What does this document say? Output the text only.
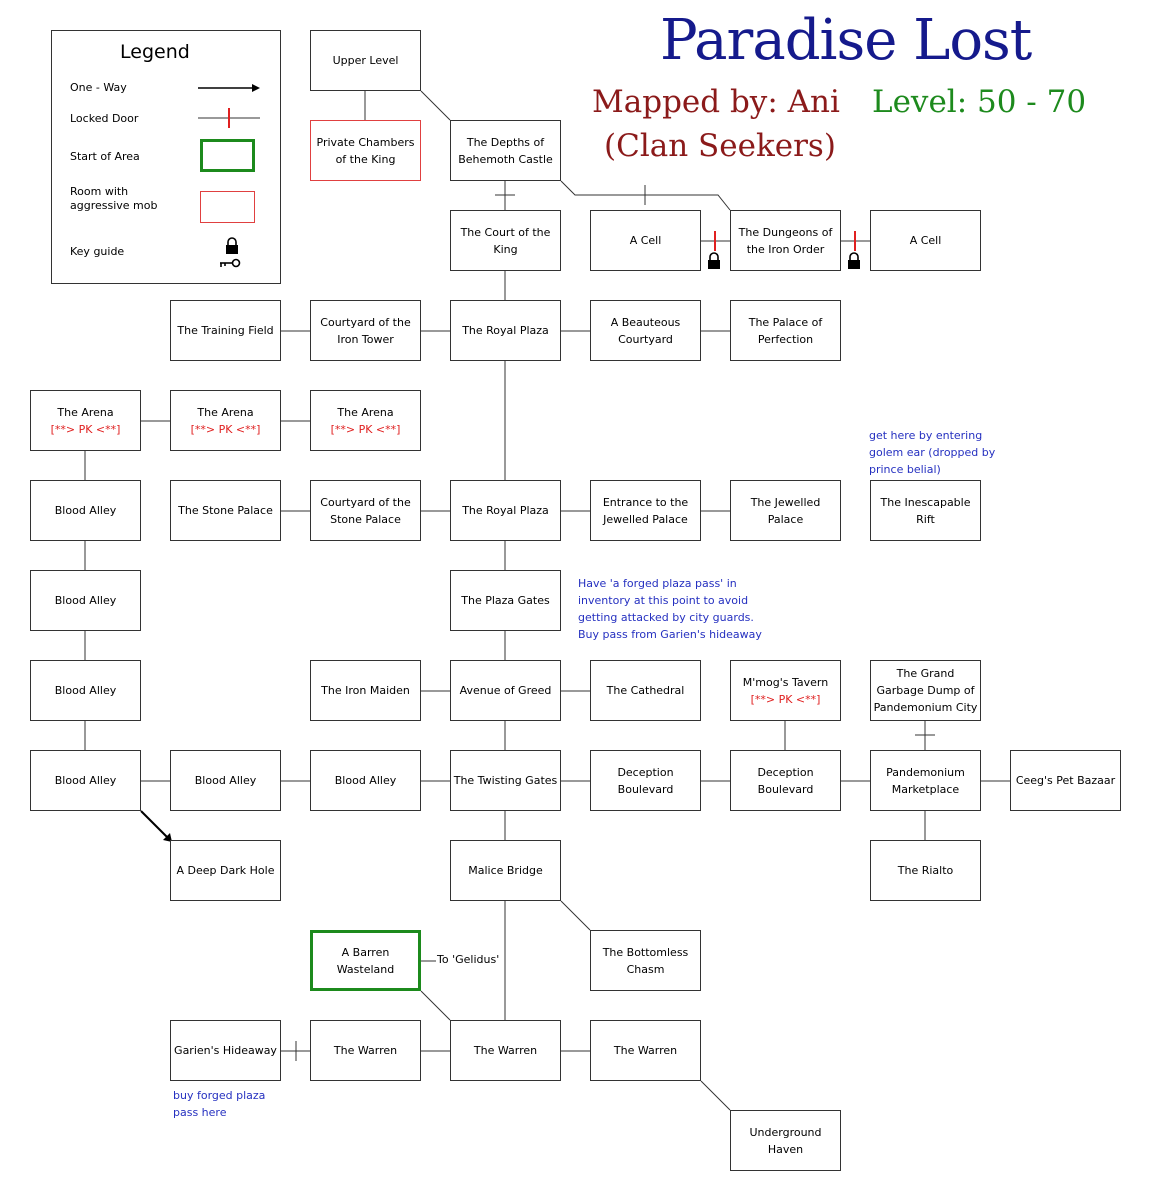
Paradise Lost
Mapped by: Ani
(Clan Seekers)
Level: 50 - 70
Legend
One - Way
Locked Door
Start of Area
Room with aggressive mob
Key guide
Upper Level
Private Chambers of the King
The Depths of Behemoth Castle
The Court of the King
A Cell
The Dungeons of the Iron Order
A Cell
The Training Field
Courtyard of the Iron Tower
The Royal Plaza
A Beauteous Courtyard
The Palace of Perfection
The Arena
[**> PK <**]
The Arena
[**> PK <**]
The Arena
[**> PK <**]
Blood Alley	The Stone Palace
Courtyard of the Stone Palace
The Royal Plaza
Entrance to the Jewelled Palace
The Jewelled Palace
The Inescapable Rift
Blood Alley	The Plaza Gates
Blood Alley	The Iron Maiden	Avenue of Greed	The Cathedral
M'mog's Tavern
[**> PK <**]
The Grand Garbage Dump of Pandemonium City
Blood Alley	Blood Alley	Blood Alley	The Twisting Gates
Deception Boulevard
Deception Boulevard
Pandemonium Marketplace
Ceeg's Pet Bazaar
A Deep Dark Hole	Malice Bridge	The Rialto
A Barren Wasteland
The Bottomless Chasm
Garien's Hideaway	The Warren	The Warren	The Warren
Underground Haven
get here by entering golem ear (dropped by prince belial)
Have 'a forged plaza pass' in inventory at this point to avoid getting attacked by city guards. Buy pass from Garien's hideaway
buy forged plaza pass here
To 'Gelidus'
